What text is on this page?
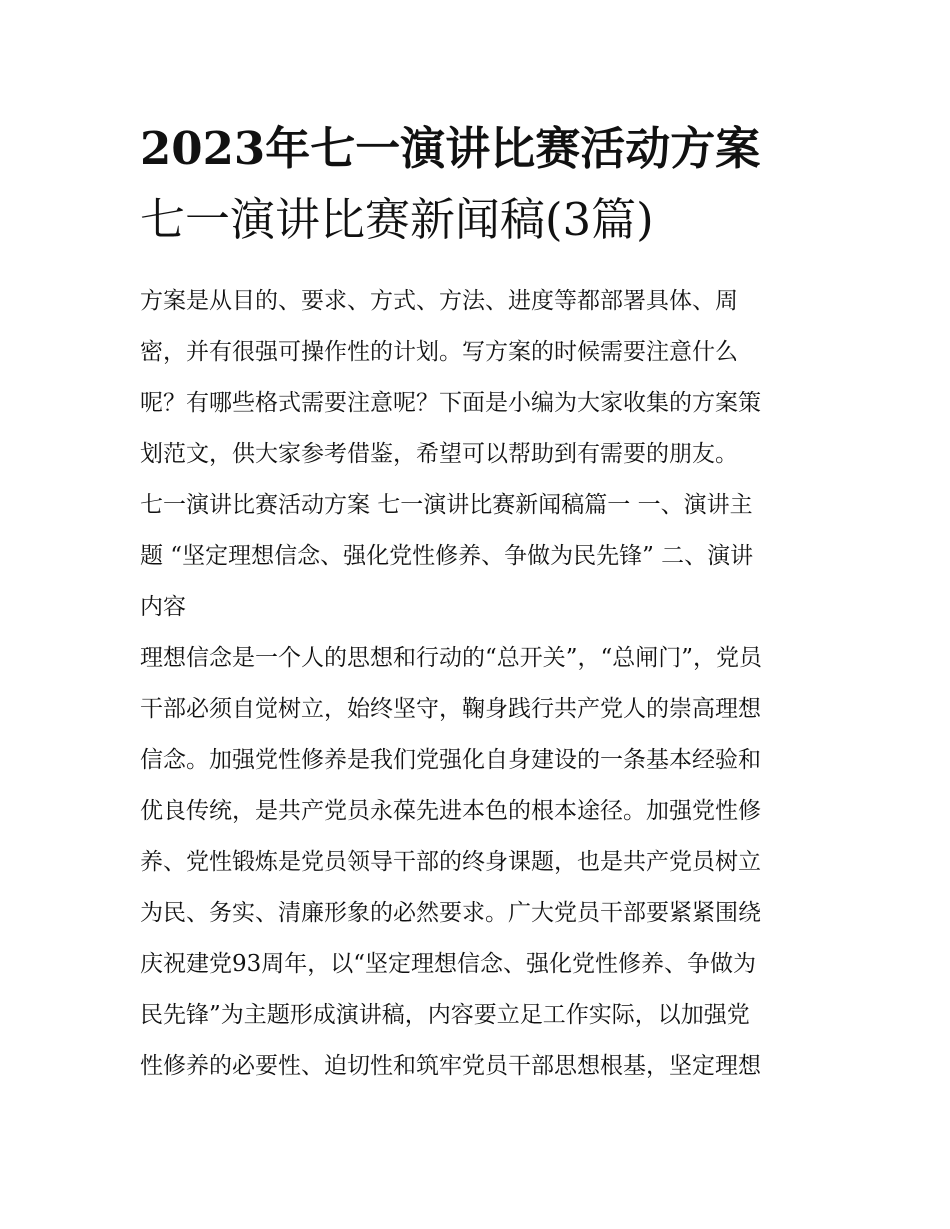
2023年七一演讲比赛活动方案
七一演讲比赛新闻稿(3篇)
方案是从目的、要求、方式、方法、进度等都部署具体、周
密，并有很强可操作性的计划。写方案的时候需要注意什么
呢？有哪些格式需要注意呢？下面是小编为大家收集的方案策
划范文，供大家参考借鉴，希望可以帮助到有需要的朋友。
七一演讲比赛活动方案 七一演讲比赛新闻稿篇一 一、演讲主
题 “坚定理想信念、强化党性修养、争做为民先锋” 二、演讲
内容
理想信念是一个人的思想和行动的“总开关”，“总闸门”，党员
干部必须自觉树立，始终坚守，鞠身践行共产党人的崇高理想
信念。加强党性修养是我们党强化自身建设的一条基本经验和
优良传统，是共产党员永葆先进本色的根本途径。加强党性修
养、党性锻炼是党员领导干部的终身课题，也是共产党员树立
为民、务实、清廉形象的必然要求。广大党员干部要紧紧围绕
庆祝建党93周年，以“坚定理想信念、强化党性修养、争做为
民先锋”为主题形成演讲稿，内容要立足工作实际，以加强党
性修养的必要性、迫切性和筑牢党员干部思想根基，坚定理想
